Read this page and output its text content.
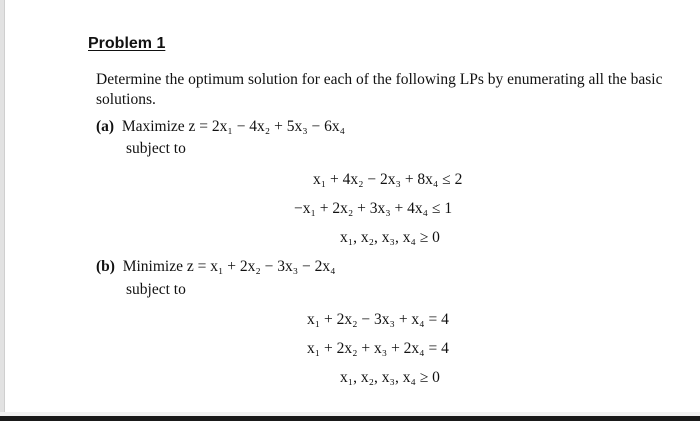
Problem 1
Determine the optimum solution for each of the following LPs by enumerating all the basic solutions.
(a) Maximize z = 2x₁ − 4x₂ + 5x₃ − 6x₄
subject to
x₁ + 4x₂ − 2x₃ + 8x₄ ≤ 2
−x₁ + 2x₂ + 3x₃ + 4x₄ ≤ 1
x₁, x₂, x₃, x₄ ≥ 0
(b) Minimize z = x₁ + 2x₂ − 3x₃ − 2x₄
subject to
x₁ + 2x₂ − 3x₃ + x₄ = 4
x₁ + 2x₂ + x₃ + 2x₄ = 4
x₁, x₂, x₃, x₄ ≥ 0
